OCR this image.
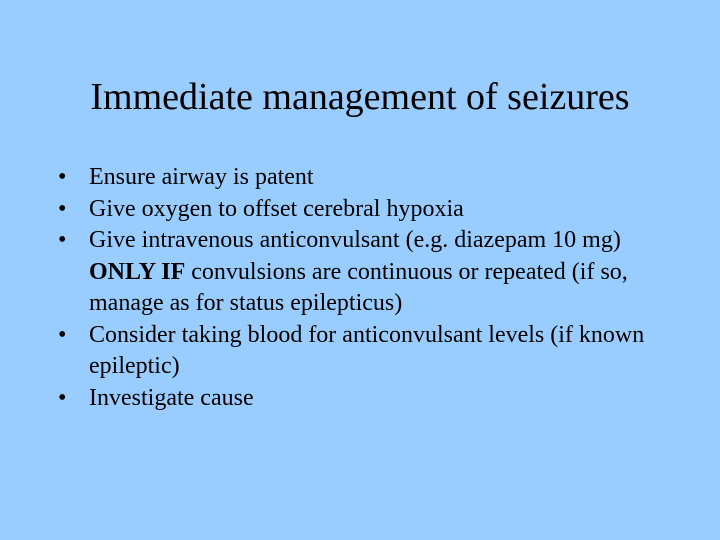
Immediate management of seizures
• Ensure airway is patent
• Give oxygen to offset cerebral hypoxia
• Give intravenous anticonvulsant (e.g. diazepam 10 mg) ONLY IF convulsions are continuous or repeated (if so, manage as for status epilepticus)
• Consider taking blood for anticonvulsant levels (if known epileptic)
• Investigate cause
